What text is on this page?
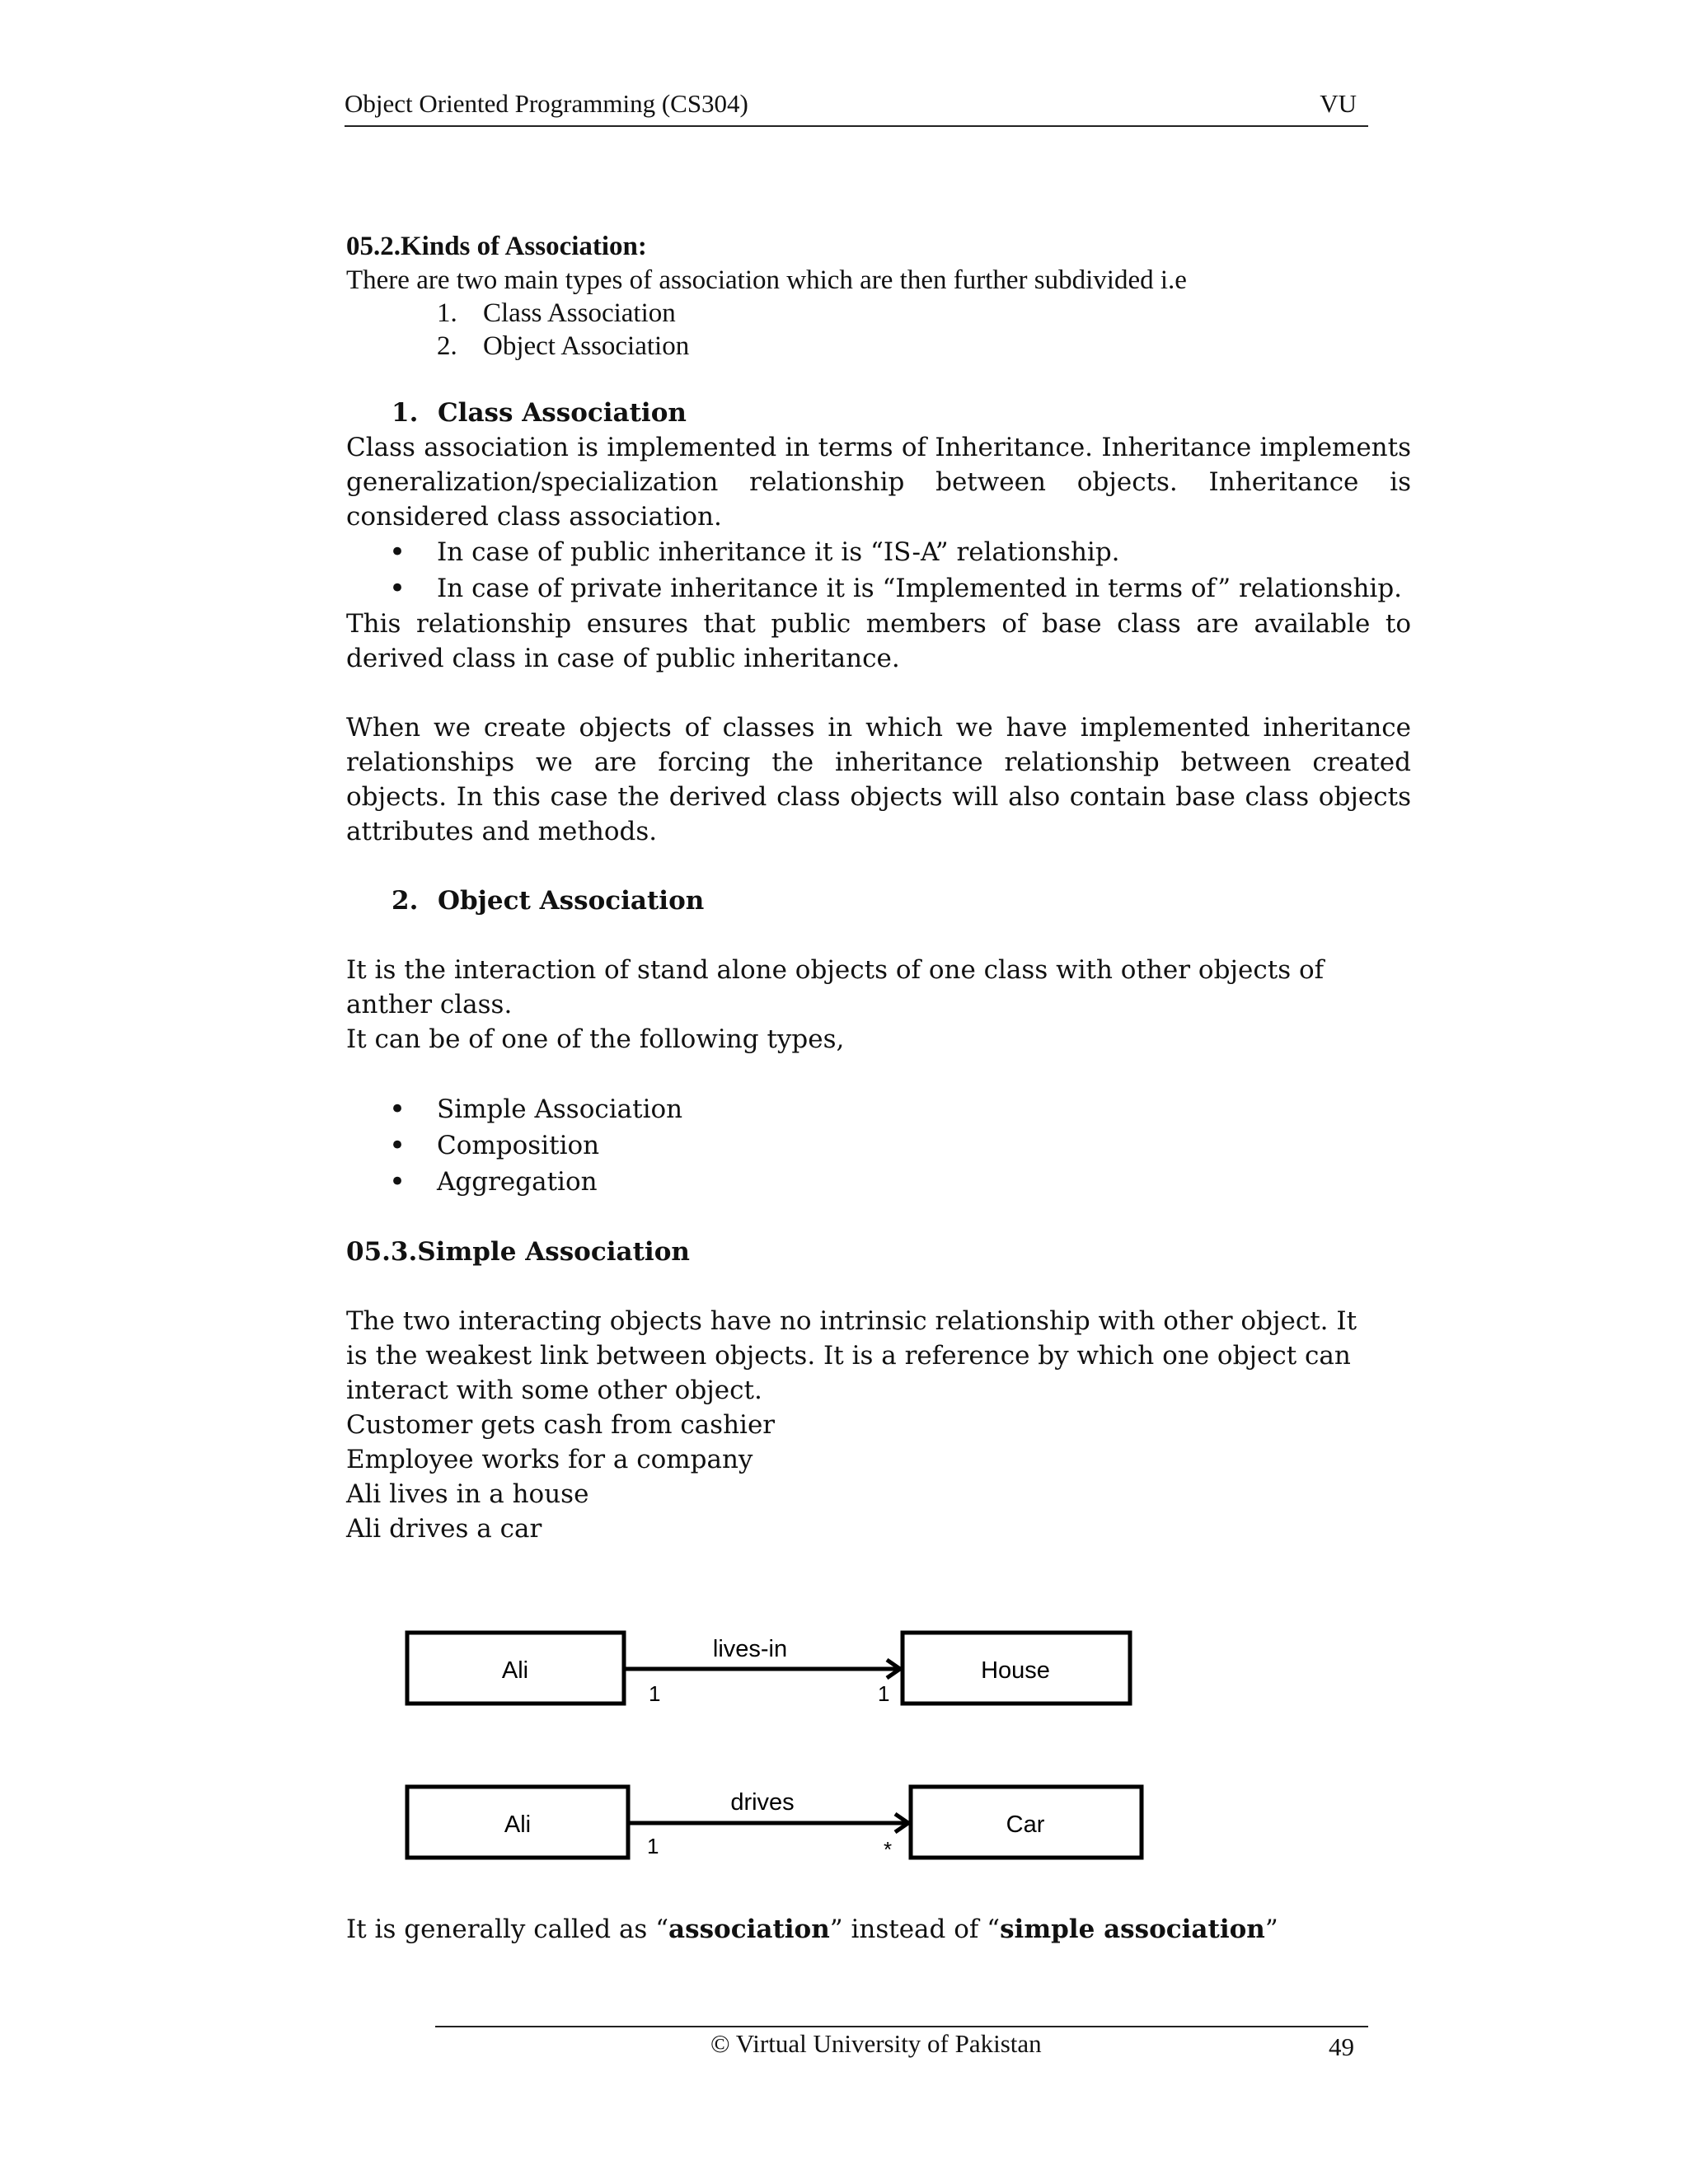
Object Oriented Programming (CS304)	VU
05.2.Kinds of Association:
There are two main types of association which are then further subdivided i.e
1. Class Association
2. Object Association
1. Class Association
Class association is implemented in terms of Inheritance. Inheritance implements generalization/specialization relationship between objects. Inheritance is considered class association.
• In case of public inheritance it is “IS-A” relationship.
• In case of private inheritance it is “Implemented in terms of” relationship.
This relationship ensures that public members of base class are available to derived class in case of public inheritance.
When we create objects of classes in which we have implemented inheritance relationships we are forcing the inheritance relationship between created objects. In this case the derived class objects will also contain base class objects attributes and methods.
2. Object Association
It is the interaction of stand alone objects of one class with other objects of anther class.
It can be of one of the following types,
• Simple Association
• Composition
• Aggregation
05.3.Simple Association
The two interacting objects have no intrinsic relationship with other object. It is the weakest link between objects. It is a reference by which one object can interact with some other object.
Customer gets cash from cashier
Employee works for a company
Ali lives in a house
Ali drives a car
Ali
lives-in
1	1
House
Ali
drives
1	*
Car
It is generally called as “association” instead of “simple association”
© Virtual University of Pakistan	49
